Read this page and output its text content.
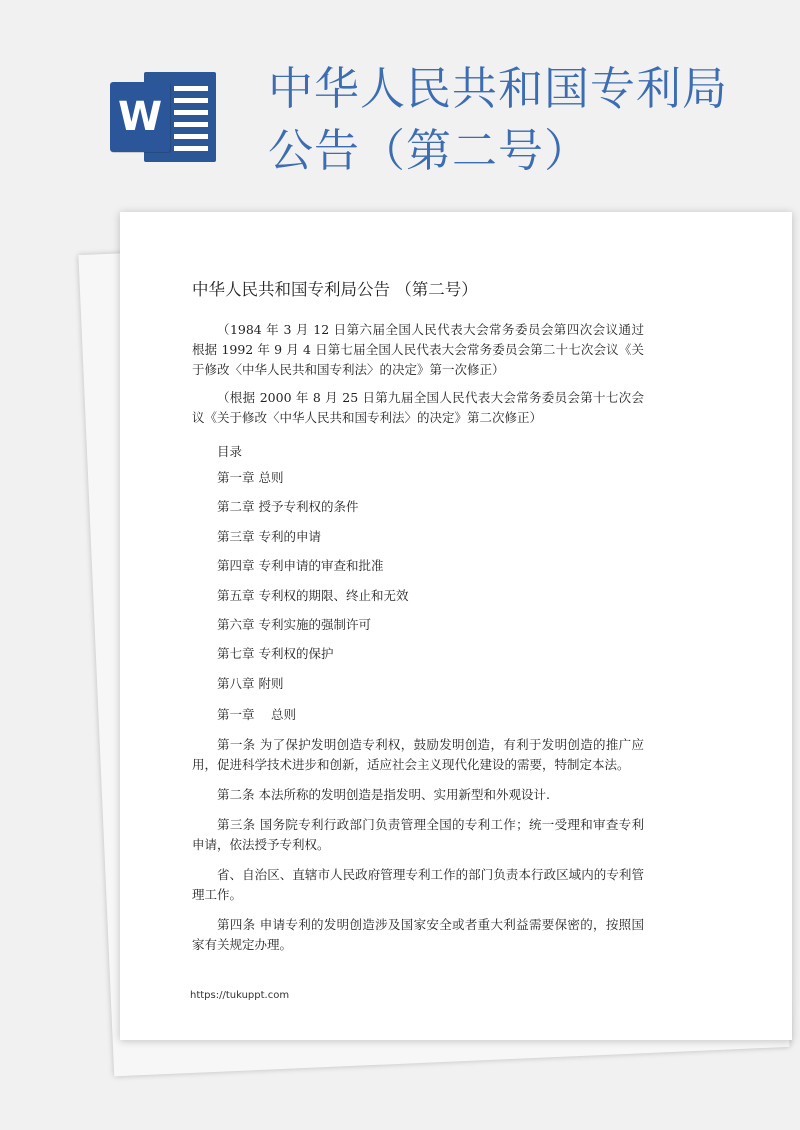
W
中华人民共和国专利局
公告（第二号）
中华人民共和国专利局公告 （第二号）

（1984 年 3 月 12 日第六届全国人民代表大会常务委员会第四次会议通过 根据 1992 年 9 月 4 日第七届全国人民代表大会常务委员会第二十七次会议《关于修改〈中华人民共和国专利法〉的决定》第一次修正）

（根据 2000 年 8 月 25 日第九届全国人民代表大会常务委员会第十七次会议《关于修改〈中华人民共和国专利法〉的决定》第二次修正）

目录
第一章 总则
第二章 授予专利权的条件
第三章 专利的申请
第四章 专利申请的审查和批准
第五章 专利权的期限、终止和无效
第六章 专利实施的强制许可
第七章 专利权的保护
第八章 附则
第一章　 总则

第一条 为了保护发明创造专利权，鼓励发明创造，有利于发明创造的推广应用，促进科学技术进步和创新，适应社会主义现代化建设的需要，特制定本法。

第二条 本法所称的发明创造是指发明、实用新型和外观设计.

第三条 国务院专利行政部门负责管理全国的专利工作；统一受理和审查专利申请，依法授予专利权。

省、自治区、直辖市人民政府管理专利工作的部门负责本行政区域内的专利管理工作。

第四条 申请专利的发明创造涉及国家安全或者重大利益需要保密的，按照国家有关规定办理。

https://tukuppt.com
